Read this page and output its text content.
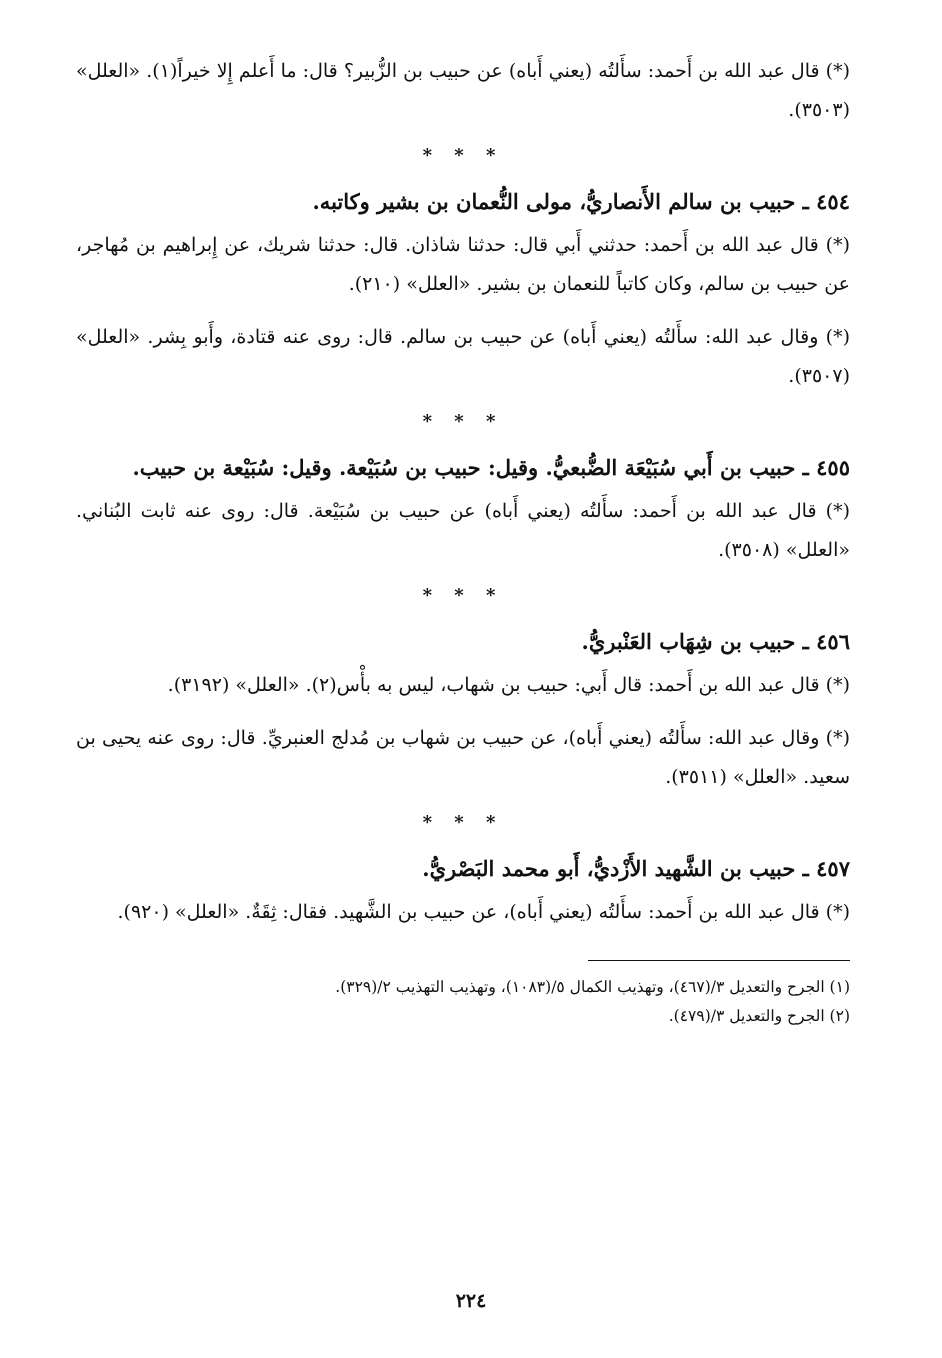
(*) قال عبد الله بن أَحمد: سأَلتُه (يعني أَباه) عن حبيب بن الزُّبير؟ قال: ما أَعلم إِلا خيراً(١). «العلل» (٣٥٠٣).

* * *
٤٥٤ ـ حبيب بن سالم الأَنصاريُّ، مولى النُّعمان بن بشير وكاتبه.

(*) قال عبد الله بن أَحمد: حدثني أَبي قال: حدثنا شاذان. قال: حدثنا شريك، عن إِبراهيم بن مُهاجر، عن حبيب بن سالم، وكان كاتباً للنعمان بن بشير. «العلل» (٢١٠).

(*) وقال عبد الله: سأَلتُه (يعني أَباه) عن حبيب بن سالم. قال: روى عنه قتادة، وأَبو بِشر. «العلل» (٣٥٠٧).

* * *
٤٥٥ ـ حبيب بن أَبي سُبَيْعَة الضُّبعيُّ. وقيل: حبيب بن سُبَيْعة. وقيل: سُبَيْعة بن حبيب.

(*) قال عبد الله بن أَحمد: سأَلتُه (يعني أَباه) عن حبيب بن سُبَيْعة. قال: روى عنه ثابت البُناني. «العلل» (٣٥٠٨).

* * *
٤٥٦ ـ حبيب بن شِهَاب العَنْبريُّ.

(*) قال عبد الله بن أَحمد: قال أَبي: حبيب بن شهاب، ليس به بأْس(٢). «العلل» (٣١٩٢).

(*) وقال عبد الله: سأَلتُه (يعني أَباه)، عن حبيب بن شهاب بن مُدلج العنبريِّ. قال: روى عنه يحيى بن سعيد. «العلل» (٣٥١١).

* * *
٤٥٧ ـ حبيب بن الشَّهيد الأَزْديُّ، أَبو محمد البَصْريُّ.

(*) قال عبد الله بن أَحمد: سأَلتُه (يعني أَباه)، عن حبيب بن الشَّهيد. فقال: ثِقَةٌ. «العلل» (٩٢٠).

(١) الجرح والتعديل ٣/(٤٦٧)، وتهذيب الكمال ٥/(١٠٨٣)، وتهذيب التهذيب ٢/(٣٢٩).
(٢) الجرح والتعديل ٣/(٤٧٩).
٢٢٤
